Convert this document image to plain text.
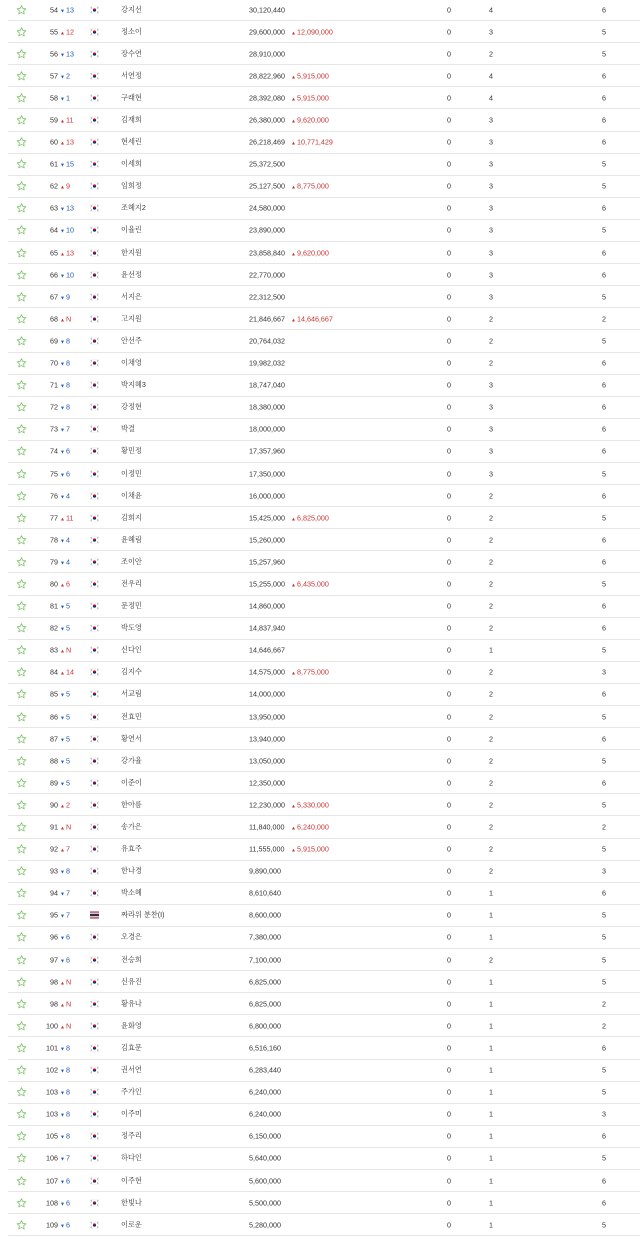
54 ▼13	강지선	30,120,440	0	4	6
55 ▲12	정소이	29,600,000 ▲12,090,000	0	3	5
56 ▼13	장수연	28,910,000	0	2	5
57 ▼2	서연정	28,822,960 ▲5,915,000	0	4	6
58 ▼1	구래현	28,392,080 ▲5,915,000	0	4	6
59 ▲11	김재희	26,380,000 ▲9,620,000	0	3	6
60 ▲13	현세린	26,218,469 ▲10,771,429	0	3	6
61 ▼15	이세희	25,372,500	0	3	5
62 ▲9	임희정	25,127,500 ▲8,775,000	0	3	5
63 ▼13	조혜지2	24,580,000	0	3	6
64 ▼10	이율린	23,890,000	0	3	5
65 ▲13	한지원	23,858,840 ▲9,620,000	0	3	6
66 ▼10	윤선정	22,770,000	0	3	6
67 ▼9	서지은	22,312,500	0	3	5
68 ▲N	고지원	21,846,667 ▲14,646,667	0	2	2
69 ▼8	안선주	20,764,032	0	2	5
70 ▼8	이채영	19,982,032	0	2	6
71 ▼8	박지혜3	18,747,040	0	3	6
72 ▼8	강정현	18,380,000	0	3	6
73 ▼7	박결	18,000,000	0	3	6
74 ▼6	황민정	17,357,960	0	3	6
75 ▼6	이정민	17,350,000	0	3	5
76 ▼4	이채윤	16,000,000	0	2	6
77 ▲11	김희지	15,425,000 ▲6,825,000	0	2	5
78 ▼4	윤혜림	15,260,000	0	2	6
79 ▼4	조이안	15,257,960	0	2	6
80 ▲6	전우리	15,255,000 ▲6,435,000	0	2	5
81 ▼5	문정민	14,860,000	0	2	6
82 ▼5	박도영	14,837,940	0	2	6
83 ▲N	신다인	14,646,667	0	1	5
84 ▲14	김지수	14,575,000 ▲8,775,000	0	2	3
85 ▼5	서교림	14,000,000	0	2	6
86 ▼5	전효민	13,950,000	0	2	5
87 ▼5	황연서	13,940,000	0	2	6
88 ▼5	강가율	13,050,000	0	2	5
89 ▼5	이준이	12,350,000	0	2	6
90 ▲2	한아름	12,230,000 ▲5,330,000	0	2	5
91 ▲N	송가은	11,840,000 ▲6,240,000	0	2	2
92 ▲7	유효주	11,555,000 ▲5,915,000	0	2	5
93 ▼8	한나경	9,890,000	0	2	3
94 ▼7	박소혜	8,610,640	0	1	6
95 ▼7	짜라위 분찬(I)	8,600,000	0	1	5
96 ▼6	오경은	7,380,000	0	1	5
97 ▼6	전승희	7,100,000	0	2	5
98 ▲N	신유진	6,825,000	0	1	5
98 ▲N	황유나	6,825,000	0	1	2
100 ▲N	윤화영	6,800,000	0	1	2
101 ▼8	김효문	6,516,160	0	1	6
102 ▼8	권서연	6,283,440	0	1	5
103 ▼8	주가인	6,240,000	0	1	5
103 ▼8	이주미	6,240,000	0	1	3
105 ▼8	정주리	6,150,000	0	1	6
106 ▼7	하다인	5,640,000	0	1	5
107 ▼6	이주현	5,600,000	0	1	6
108 ▼6	한빛나	5,500,000	0	1	6
109 ▼6	이로운	5,280,000	0	1	5
